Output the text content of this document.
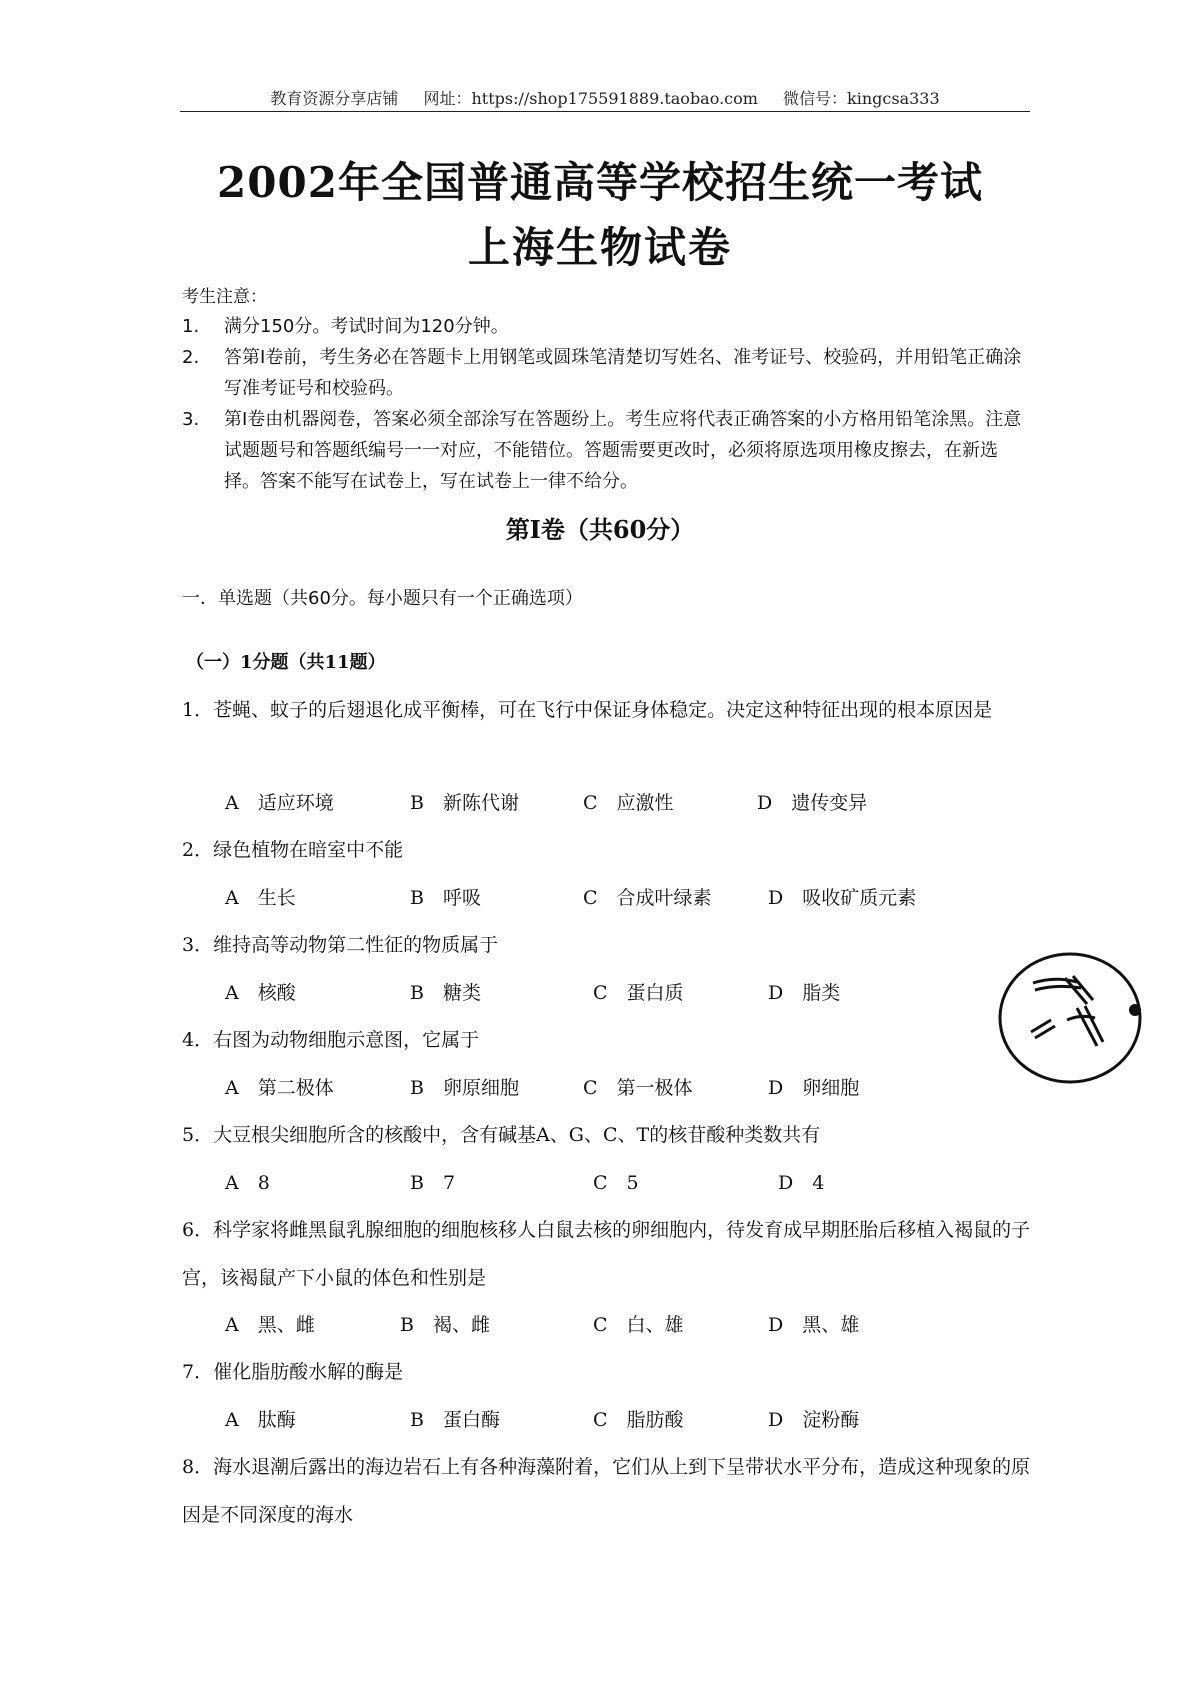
教育资源分享店铺 网址：https://shop175591889.taobao.com 微信号：kingcsa333
2002年全国普通高等学校招生统一考试
上海生物试卷
考生注意：
1. 满分150分。考试时间为120分钟。
2. 答第Ⅰ卷前，考生务必在答题卡上用钢笔或圆珠笔清楚切写姓名、准考证号、校验码，并用铅笔正确涂写准考证号和校验码。
3. 第Ⅰ卷由机器阅卷，答案必须全部涂写在答题纷上。考生应将代表正确答案的小方格用铅笔涂黑。注意试题题号和答题纸编号一一对应，不能错位。答题需要更改时，必须将原选项用橡皮擦去，在新选择。答案不能写在试卷上，写在试卷上一律不给分。
第Ⅰ卷（共60分）
一．单选题（共60分。每小题只有一个正确选项）
（一）1分题（共11题）
1．苍蝇、蚊子的后翅退化成平衡棒，可在飞行中保证身体稳定。决定这种特征出现的根本原因是
A　适应环境	B　新陈代谢	C　应激性	D　遗传变异
2．绿色植物在暗室中不能
A　生长	B　呼吸	C　合成叶绿素	D　吸收矿质元素
3．维持高等动物第二性征的物质属于
A　核酸	B　糖类	C　蛋白质	D　脂类
4．右图为动物细胞示意图，它属于
A　第二极体	B　卵原细胞	C　第一极体	D　卵细胞
5．大豆根尖细胞所含的核酸中，含有碱基A、G、C、T的核苷酸种类数共有
A　8	B　7	C　5	D　4
6．科学家将雌黑鼠乳腺细胞的细胞核移人白鼠去核的卵细胞内，待发育成早期胚胎后移植入褐鼠的子宫，该褐鼠产下小鼠的体色和性别是
A　黑、雌	B　褐、雌	C　白、雄	D　黑、雄
7．催化脂肪酸水解的酶是
A　肽酶	B　蛋白酶	C　脂肪酸	D　淀粉酶
8．海水退潮后露出的海边岩石上有各种海藻附着，它们从上到下呈带状水平分布，造成这种现象的原因是不同深度的海水
